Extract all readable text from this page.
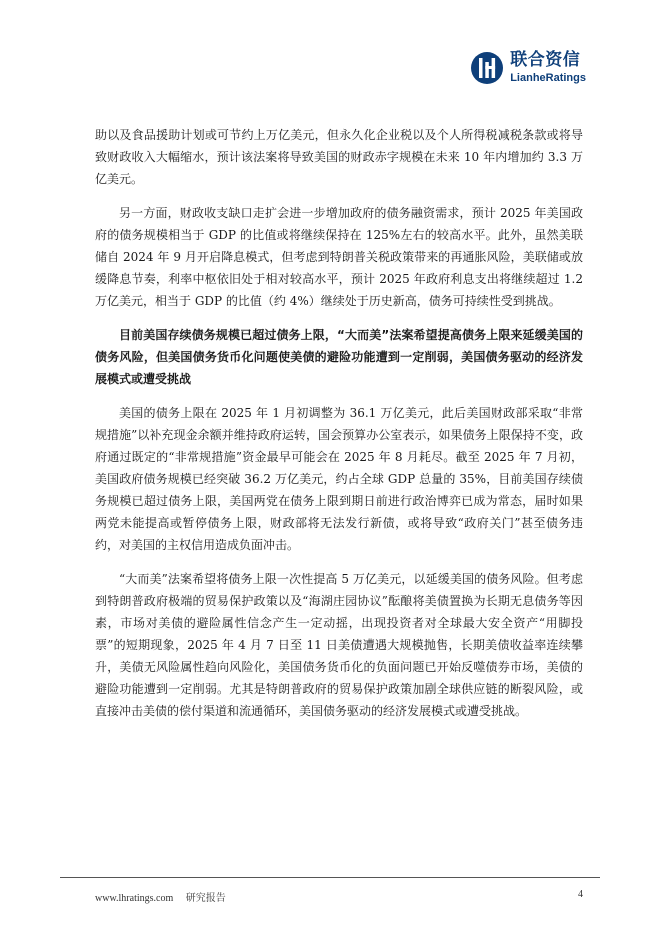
联合资信
LianheRatings

助以及食品援助计划或可节约上万亿美元，但永久化企业税以及个人所得税减税条款或将导致财政收入大幅缩水，预计该法案将导致美国的财政赤字规模在未来 10 年内增加约 3.3 万亿美元。

另一方面，财政收支缺口走扩会进一步增加政府的债务融资需求，预计 2025 年美国政府的债务规模相当于 GDP 的比值或将继续保持在 125%左右的较高水平。此外，虽然美联储自 2024 年 9 月开启降息模式，但考虑到特朗普关税政策带来的再通胀风险，美联储或放缓降息节奏，利率中枢依旧处于相对较高水平，预计 2025 年政府利息支出将继续超过 1.2 万亿美元，相当于 GDP 的比值（约 4%）继续处于历史新高，债务可持续性受到挑战。

目前美国存续债务规模已超过债务上限，“大而美”法案希望提高债务上限来延缓美国的债务风险，但美国债务货币化问题使美债的避险功能遭到一定削弱，美国债务驱动的经济发展模式或遭受挑战

美国的债务上限在 2025 年 1 月初调整为 36.1 万亿美元，此后美国财政部采取“非常规措施”以补充现金余额并维持政府运转，国会预算办公室表示，如果债务上限保持不变，政府通过既定的“非常规措施”资金最早可能会在 2025 年 8 月耗尽。截至 2025 年 7 月初，美国政府债务规模已经突破 36.2 万亿美元，约占全球 GDP 总量的 35%，目前美国存续债务规模已超过债务上限，美国两党在债务上限到期日前进行政治博弈已成为常态，届时如果两党未能提高或暂停债务上限，财政部将无法发行新债，或将导致“政府关门”甚至债务违约，对美国的主权信用造成负面冲击。

“大而美”法案希望将债务上限一次性提高 5 万亿美元，以延缓美国的债务风险。但考虑到特朗普政府极端的贸易保护政策以及“海湖庄园协议”酝酿将美债置换为长期无息债务等因素，市场对美债的避险属性信念产生一定动摇，出现投资者对全球最大安全资产“用脚投票”的短期现象，2025 年 4 月 7 日至 11 日美债遭遇大规模抛售，长期美债收益率连续攀升，美债无风险属性趋向风险化，美国债务货币化的负面问题已开始反噬债券市场，美债的避险功能遭到一定削弱。尤其是特朗普政府的贸易保护政策加剧全球供应链的断裂风险，或直接冲击美债的偿付渠道和流通循环，美国债务驱动的经济发展模式或遭受挑战。

www.lhratings.com 研究报告	4
